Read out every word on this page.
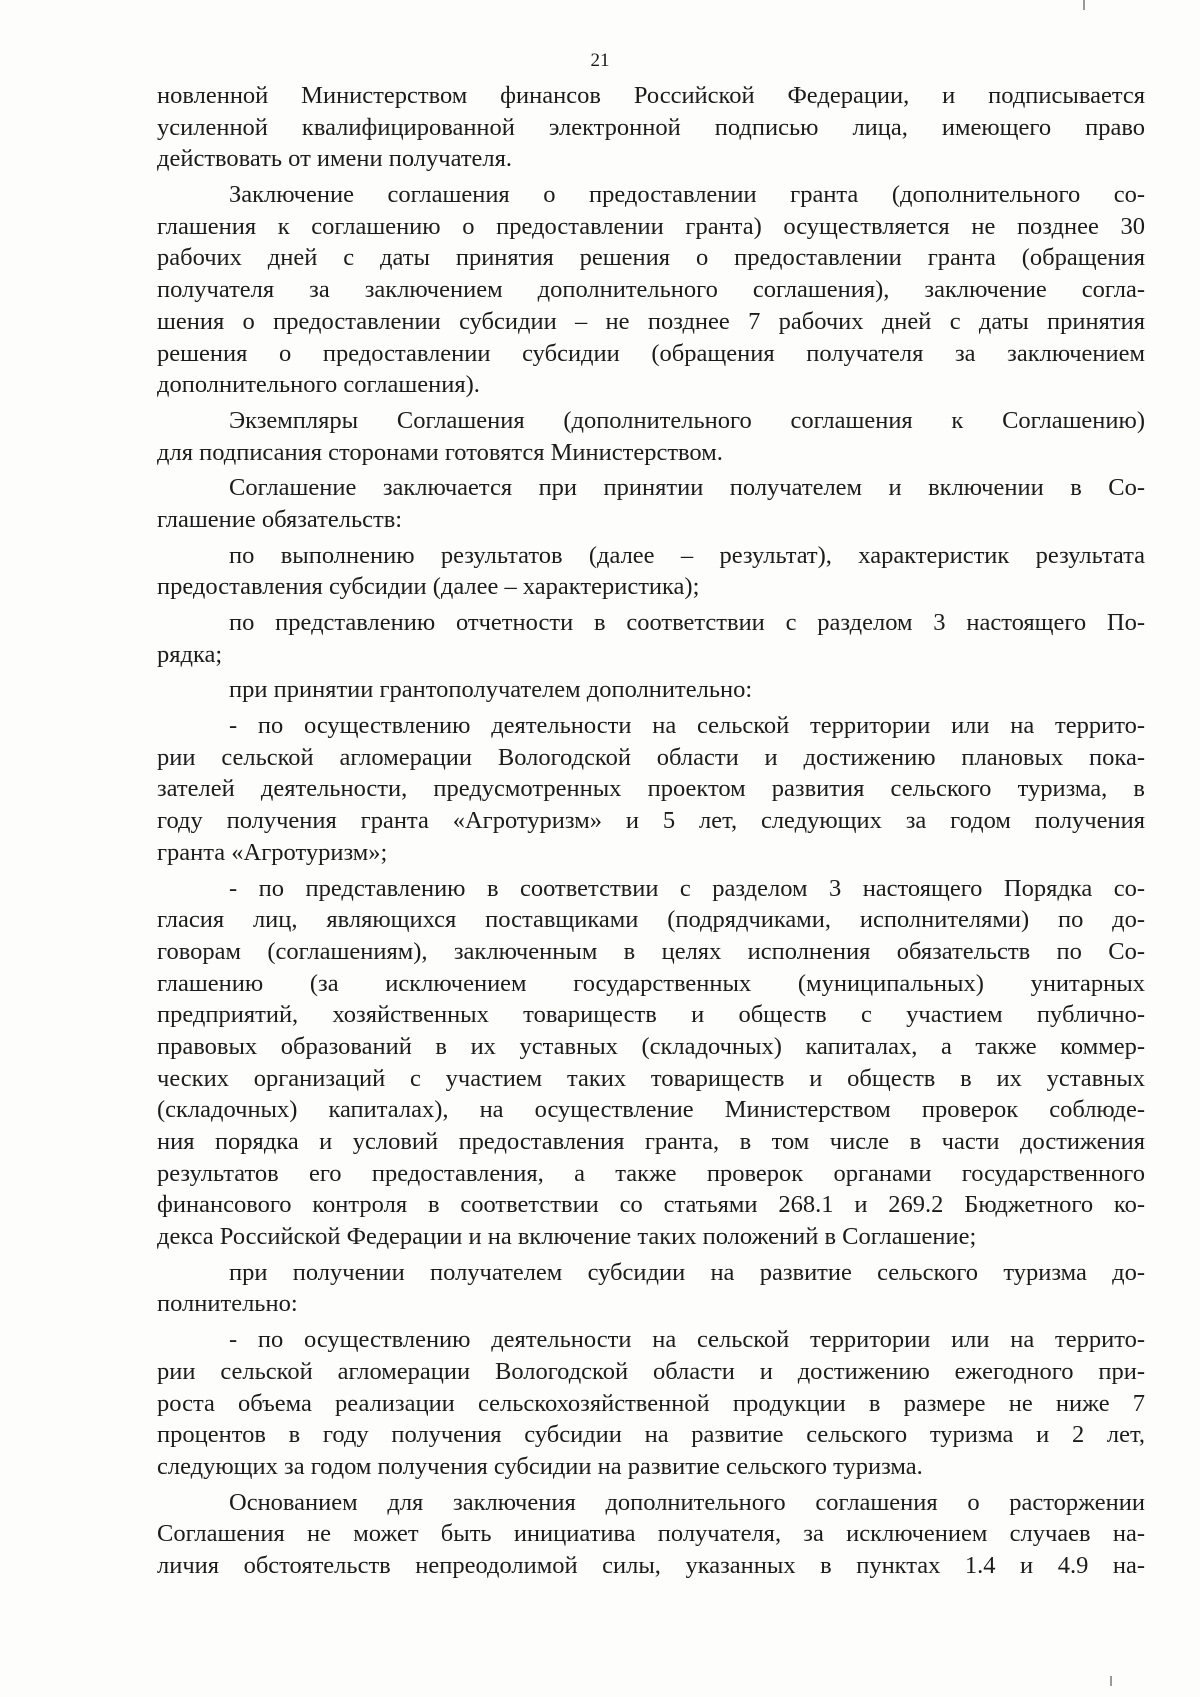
21
новленной Министерством финансов Российской Федерации, и подписывается
усиленной квалифицированной электронной подписью лица, имеющего право
действовать от имени получателя.
Заключение соглашения о предоставлении гранта (дополнительного со-
глашения к соглашению о предоставлении гранта) осуществляется не позднее 30
рабочих дней с даты принятия решения о предоставлении гранта (обращения
получателя за заключением дополнительного соглашения), заключение согла-
шения о предоставлении субсидии – не позднее 7 рабочих дней с даты принятия
решения о предоставлении субсидии (обращения получателя за заключением
дополнительного соглашения).
Экземпляры Соглашения (дополнительного соглашения к Соглашению)
для подписания сторонами готовятся Министерством.
Соглашение заключается при принятии получателем и включении в Со-
глашение обязательств:
по выполнению результатов (далее – результат), характеристик результата
предоставления субсидии (далее – характеристика);
по представлению отчетности в соответствии с разделом 3 настоящего По-
рядка;
при принятии грантополучателем дополнительно:
- по осуществлению деятельности на сельской территории или на террито-
рии сельской агломерации Вологодской области и достижению плановых пока-
зателей деятельности, предусмотренных проектом развития сельского туризма, в
году получения гранта «Агротуризм» и 5 лет, следующих за годом получения
гранта «Агротуризм»;
- по представлению в соответствии с разделом 3 настоящего Порядка со-
гласия лиц, являющихся поставщиками (подрядчиками, исполнителями) по до-
говорам (соглашениям), заключенным в целях исполнения обязательств по Со-
глашению (за исключением государственных (муниципальных) унитарных
предприятий, хозяйственных товариществ и обществ с участием публично-
правовых образований в их уставных (складочных) капиталах, а также коммер-
ческих организаций с участием таких товариществ и обществ в их уставных
(складочных) капиталах), на осуществление Министерством проверок соблюде-
ния порядка и условий предоставления гранта, в том числе в части достижения
результатов его предоставления, а также проверок органами государственного
финансового контроля в соответствии со статьями 268.1 и 269.2 Бюджетного ко-
декса Российской Федерации и на включение таких положений в Соглашение;
при получении получателем субсидии на развитие сельского туризма до-
полнительно:
- по осуществлению деятельности на сельской территории или на террито-
рии сельской агломерации Вологодской области и достижению ежегодного при-
роста объема реализации сельскохозяйственной продукции в размере не ниже 7
процентов в году получения субсидии на развитие сельского туризма и 2 лет,
следующих за годом получения субсидии на развитие сельского туризма.
Основанием для заключения дополнительного соглашения о расторжении
Соглашения не может быть инициатива получателя, за исключением случаев на-
личия обстоятельств непреодолимой силы, указанных в пунктах 1.4 и 4.9 на-
